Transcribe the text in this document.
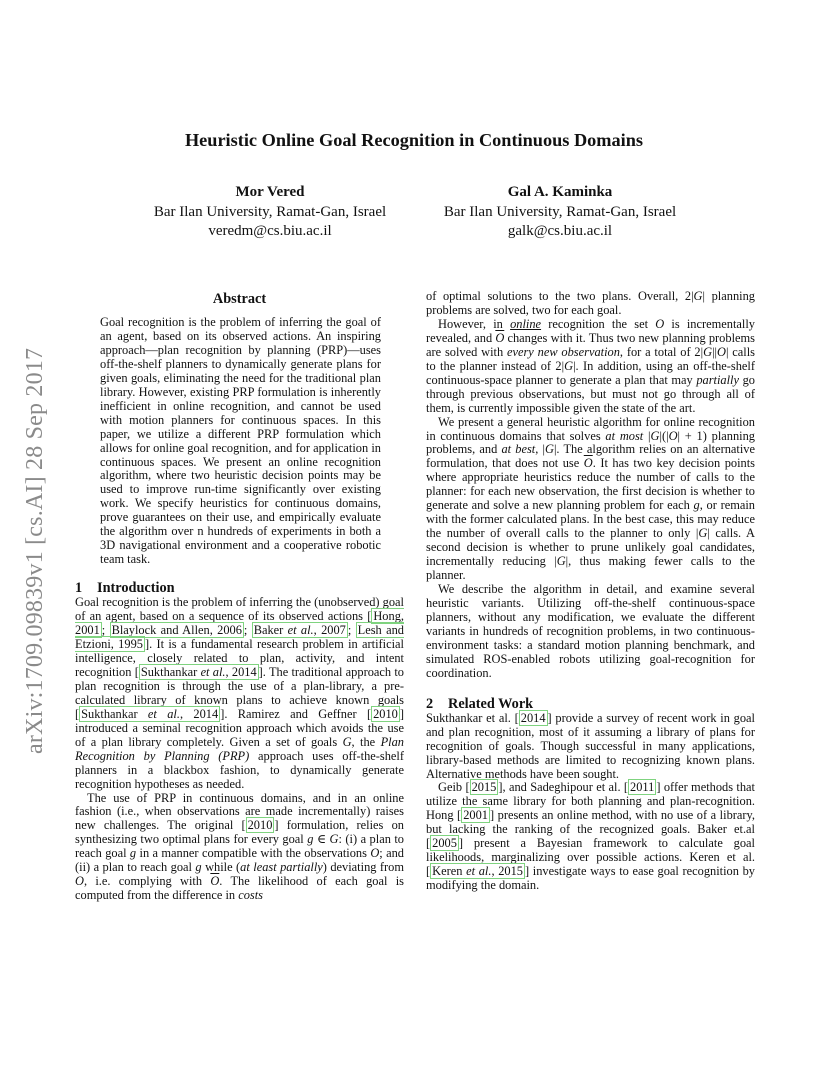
Heuristic Online Goal Recognition in Continuous Domains
Mor Vered
Bar Ilan University, Ramat-Gan, Israel
veredm@cs.biu.ac.il
Gal A. Kaminka
Bar Ilan University, Ramat-Gan, Israel
galk@cs.biu.ac.il
arXiv:1709.09839v1 [cs.AI] 28 Sep 2017
Abstract

Goal recognition is the problem of inferring the goal of an agent, based on its observed actions. An inspiring approach—plan recognition by planning (PRP)—uses off-the-shelf planners to dynamically generate plans for given goals, eliminating the need for the traditional plan library. However, existing PRP formulation is inherently inefficient in online recognition, and cannot be used with motion planners for continuous spaces. In this paper, we utilize a different PRP formulation which allows for online goal recognition, and for application in continuous spaces. We present an online recognition algorithm, where two heuristic decision points may be used to improve run-time significantly over existing work. We specify heuristics for continuous domains, prove guarantees on their use, and empirically evaluate the algorithm over n hundreds of experiments in both a 3D navigational environment and a cooperative robotic team task.

1 Introduction

Goal recognition is the problem of inferring the (unobserved) goal of an agent, based on a sequence of its observed actions [ Hong, 2001 ; Blaylock and Allen, 2006 ; Baker et al., 2007 ; Lesh and Etzioni, 1995 ]. It is a fundamental research problem in artificial intelligence, closely related to plan, activity, and intent recognition [ Sukthankar et al., 2014 ]. The traditional approach to plan recognition is through the use of a plan-library, a pre-calculated library of known plans to achieve known goals [ Sukthankar et al., 2014 ]. Ramirez and Geffner [ 2010 ] introduced a seminal recognition approach which avoids the use of a plan library completely. Given a set of goals G, the Plan Recognition by Planning (PRP) approach uses off-the-shelf planners in a blackbox fashion, to dynamically generate recognition hypotheses as needed.

The use of PRP in continuous domains, and in an online fashion (i.e., when observations are made incrementally) raises new challenges. The original [ 2010 ] formulation, relies on synthesizing two optimal plans for every goal g ∈ G: (i) a plan to reach goal g in a manner compatible with the observations O; and (ii) a plan to reach goal g while (at least partially) deviating from O, i.e. complying with $\overline{O}$. The likelihood of each goal is computed from the difference in costs

of optimal solutions to the two plans. Overall, 2|G| planning problems are solved, two for each goal.

However, in online recognition the set O is incrementally revealed, and $\overline{O}$ changes with it. Thus two new planning problems are solved with every new observation, for a total of 2|G||O| calls to the planner instead of 2|G|. In addition, using an off-the-shelf continuous-space planner to generate a plan that may partially go through previous observations, but must not go through all of them, is currently impossible given the state of the art.

We present a general heuristic algorithm for online recognition in continuous domains that solves at most |G|(|O| + 1) planning problems, and at best, |G|. The algorithm relies on an alternative formulation, that does not use $\overline{O}$. It has two key decision points where appropriate heuristics reduce the number of calls to the planner: for each new observation, the first decision is whether to generate and solve a new planning problem for each g, or remain with the former calculated plans. In the best case, this may reduce the number of overall calls to the planner to only |G| calls. A second decision is whether to prune unlikely goal candidates, incrementally reducing |G|, thus making fewer calls to the planner.

We describe the algorithm in detail, and examine several heuristic variants. Utilizing off-the-shelf continuous-space planners, without any modification, we evaluate the different variants in hundreds of recognition problems, in two continuous-environment tasks: a standard motion planning benchmark, and simulated ROS-enabled robots utilizing goal-recognition for coordination.

2 Related Work

Sukthankar et al. [ 2014 ] provide a survey of recent work in goal and plan recognition, most of it assuming a library of plans for recognition of goals. Though successful in many applications, library-based methods are limited to recognizing known plans. Alternative methods have been sought.

Geib [ 2015 ], and Sadeghipour et al. [ 2011 ] offer methods that utilize the same library for both planning and plan-recognition. Hong [ 2001 ] presents an online method, with no use of a library, but lacking the ranking of the recognized goals. Baker et.al [ 2005 ] present a Bayesian framework to calculate goal likelihoods, marginalizing over possible actions. Keren et al. [ Keren et al., 2015 ] investigate ways to ease goal recognition by modifying the domain.
